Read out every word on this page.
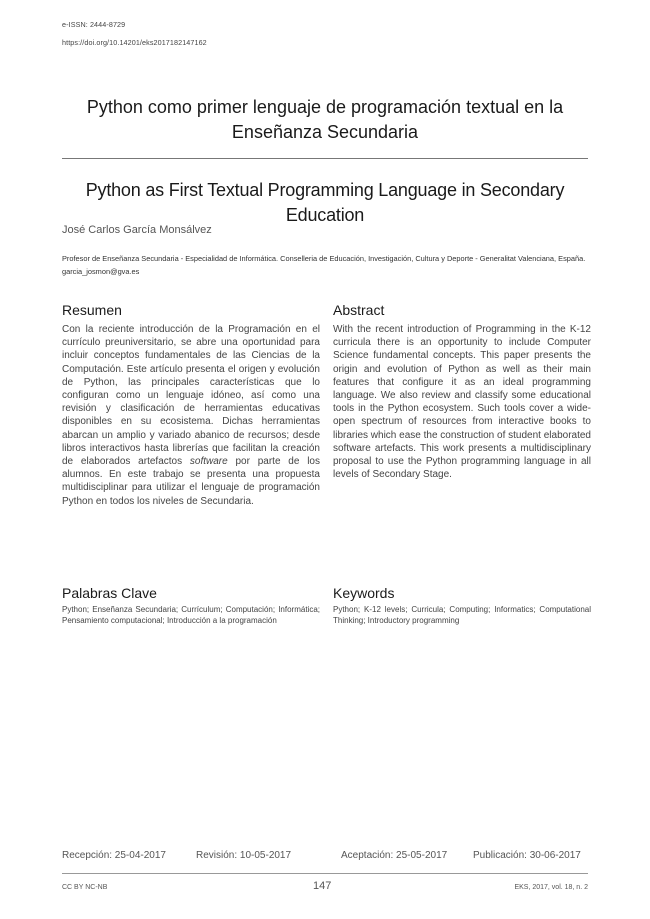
e-ISSN: 2444-8729
https://doi.org/10.14201/eks2017182147162
Python como primer lenguaje de programación textual en la Enseñanza Secundaria
Python as First Textual Programming Language in Secondary Education
José Carlos García Monsálvez
Profesor de Enseñanza Secundaria - Especialidad de Informática. Conselleria de Educación, Investigación, Cultura y Deporte - Generalitat Valenciana, España. garcia_josmon@gva.es
Resumen
Con la reciente introducción de la Programación en el currículo preuniversitario, se abre una oportunidad para incluir conceptos fundamentales de las Ciencias de la Computación. Este artículo presenta el origen y evolución de Python, las principales características que lo configuran como un lenguaje idóneo, así como una revisión y clasificación de herramientas educativas disponibles en su ecosistema. Dichas herramientas abarcan un amplio y variado abanico de recursos; desde libros interactivos hasta librerías que facilitan la creación de elaborados artefactos software por parte de los alumnos. En este trabajo se presenta una propuesta multidisciplinar para utilizar el lenguaje de programación Python en todos los niveles de Secundaria.
Abstract
With the recent introduction of Programming in the K-12 curricula there is an opportunity to include Computer Science fundamental concepts. This paper presents the origin and evolution of Python as well as their main features that configure it as an ideal programming language. We also review and classify some educational tools in the Python ecosystem. Such tools cover a wide-open spectrum of resources from interactive books to libraries which ease the construction of student elaborated software artefacts. This work presents a multidisciplinary proposal to use the Python programming language in all levels of Secondary Stage.
Palabras Clave
Python; Enseñanza Secundaria; Currículum; Computación; Informática; Pensamiento computacional; Introducción a la programación
Keywords
Python; K-12 levels; Curricula; Computing; Informatics; Computational Thinking; Introductory programming
Recepción: 25-04-2017	Revisión: 10-05-2017	Aceptación: 25-05-2017	Publicación: 30-06-2017
CC BY NC-NB	147	EKS, 2017, vol. 18, n. 2
